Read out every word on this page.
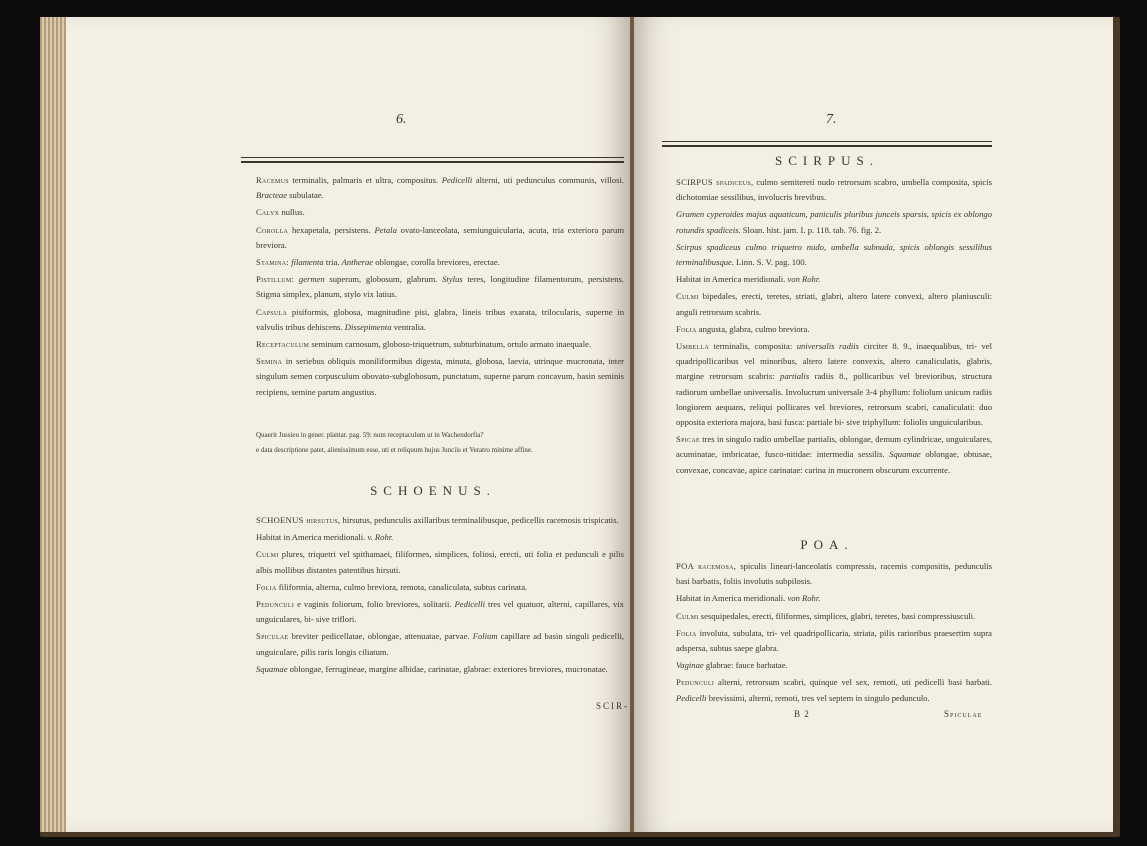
6.

Racemus terminalis, palmaris et ultra, compositus. Pedicelli alterni, uti pedunculus communis, villosi. Bracteae subulatae.

Calyx nullus.

Corolla hexapetala, persistens. Petala ovato-lanceolata, semiunguicularia, acuta, tria exteriora parum breviora.

Stamina: filamenta tria. Antherae oblongae, corolla breviores, erectae.

Pistillum: germen superum, globosum, glabrum. Stylus teres, longitudine filamentorum, persistens. Stigma simplex, planum, stylo vix latius.

Capsula pisiformis, globosa, magnitudine pisi, glabra, lineis tribus exarata, trilocularis, superne in valvulis tribus dehiscens. Dissepimenta ventralia.

Receptaculum seminum carnosum, globoso-triquetrum, subturbinatum, ortulo armato inaequale.

Semina in seriebus obliquis moniliformibus digesta, minuta, globosa, laevia, utrinque mucronata, inter singulum semen corpusculum obovato-subglobosum, punctatum, superne parum concavum, basin seminis recipiens, semine parum angustius.

Quaerit Jussieu in gener. plantar. pag. 59: num receptaculum ut in Wachendorfia?

e data descriptione patet, alienissimum esse, uti et reliquum hujus Junciis et Veratro minime affine.

SCHOENUS.

SCHOENUS hirsutus, hirsutus, pedunculis axillaribus terminalibusque, pedicellis racemosis trispicatis.

Habitat in America meridionali. v. Rohr.

Culmi plures, triquetri vel spithamaei, filiformes, simplices, foliosi, erecti, uti folia et pedunculi e pilis albis mollibus distantes patentibus hirsuti.

Folia filiformia, alterna, culmo breviora, remota, canaliculata, subtus carinata.

Pedunculi e vaginis foliorum, folio breviores, solitarii. Pedicelli tres vel quatuor, alterni, capillares, vix unguiculares, bi- sive triflori.

Spiculae breviter pedicellatae, oblongae, attenuatae, parvae. Folium capillare ad basin singuli pedicelli, unguiculare, pilis raris longis ciliatum.

Squamae oblongae, ferrugineae, margine albidae, carinatae, glabrae: exteriores breviores, mucronatae.

SCIR-
7.

SCIRPUS.

SCIRPUS spadiceus, culmo semiteretí nudo retrorsum scabro, umbella composita, spicis dichotomiae sessilibus, involucris brevibus.

Gramen cyperoides majus aquaticum, paniculis pluribus junceis sparsis, spicis ex oblongo rotundis spadiceis. Sloan. hist. jam. I. p. 118. tab. 76. fig. 2.

Scirpus spadiceus culmo triquetro nudo, umbella subnuda, spicis oblongis sessilibus terminalibusque. Linn. S. V. pag. 100.

Habitat in America meridionali. von Rohr.

Culmi bipedales, erecti, teretes, striati, glabri, altero latere convexi, altero planiusculi: anguli retrorsum scabris.

Folia angusta, glabra, culmo breviora.

Umbella terminalis, composita: universalis radiis circiter 8. 9., inaequalibus, tri- vel quadripollicaribus vel minoribus, altero latere convexis, altero canaliculatis, glabris, margine retrorsum scabris: partialis radiis 8., pollicaribus vel brevioribus, structura radiorum umbellae universalis. Involucrum universale 3-4 phyllum: foliolum unicum radiis longiorem aequans, reliqui pollicares vel breviores, retrorsum scabri, canaliculati: duo opposita exteriora majora, basi fusca: partiale bi- sive triphyllum: foliolis unguicularibus.

Spicae tres in singulo radio umbellae partialis, oblongae, demum cylindricae, unguiculares, acuminatae, imbricatae, fusco-nitidae: intermedia sessilis. Squamae oblongae, obtusae, convexae, concavae, apice carinatae: carina in mucronem obscurum excurrente.

POA.

POA racemosa, spiculis lineari-lanceolatis compressis, racemis compositis, pedunculis basi barbatis, foliis involutis subpilosis.

Habitat in America meridionali. von Rohr.

Culmi sesquipedales, erecti, filiformes, simplices, glabri, teretes, basi compressiusculi.

Folia involuta, subulata, tri- vel quadripollicaria, striata, pilis rarioribus praesertim supra adspersa, subtus saepe glabra.

Vaginae glabrae: fauce barbatae.

Pedunculi alterni, retrorsum scabri, quinque vel sex, remoti, uti pedicelli basi barbati. Pedicelli brevissimi, alterni, remoti, tres vel septem in singulo pedunculo.

B 2	Spiculae
